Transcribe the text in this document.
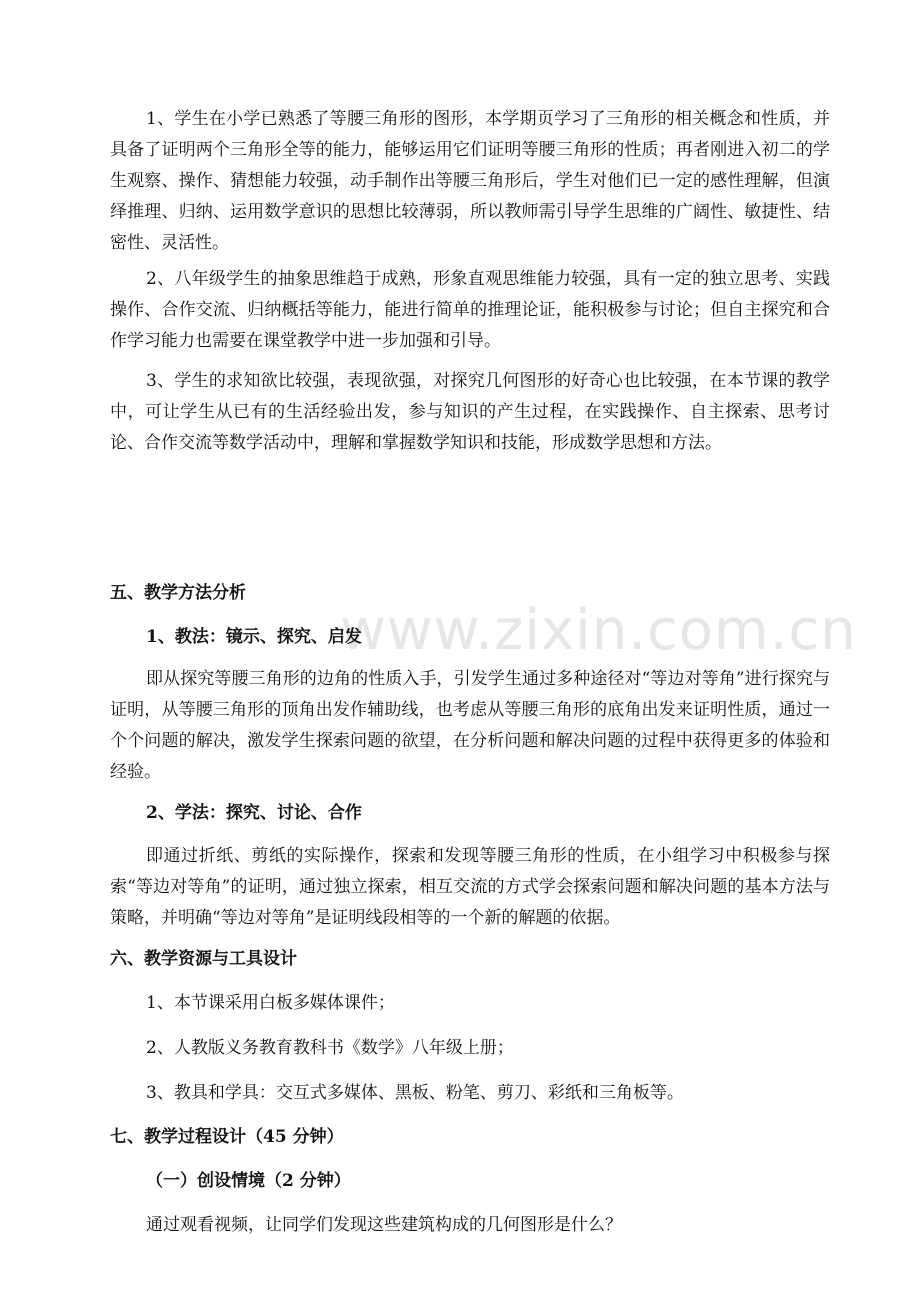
www.zixin.com.cn

1、学生在小学已熟悉了等腰三角形的图形，本学期页学习了三角形的相关概念和性质，并具备了证明两个三角形全等的能力，能够运用它们证明等腰三角形的性质；再者刚进入初二的学生观察、操作、猜想能力较强，动手制作出等腰三角形后，学生对他们已一定的感性理解，但演绎推理、归纳、运用数学意识的思想比较薄弱，所以教师需引导学生思维的广阔性、敏捷性、结密性、灵活性。

2、八年级学生的抽象思维趋于成熟，形象直观思维能力较强，具有一定的独立思考、实践操作、合作交流、归纳概括等能力，能进行简单的推理论证，能积极参与讨论；但自主探究和合作学习能力也需要在课堂教学中进一步加强和引导。

3、学生的求知欲比较强，表现欲强，对探究几何图形的好奇心也比较强，在本节课的教学中，可让学生从已有的生活经验出发，参与知识的产生过程，在实践操作、自主探索、思考讨论、合作交流等数学活动中，理解和掌握数学知识和技能，形成数学思想和方法。

五、教学方法分析
1、教法：镜示、探究、启发

即从探究等腰三角形的边角的性质入手，引发学生通过多种途径对“等边对等角”进行探究与证明，从等腰三角形的顶角出发作辅助线，也考虑从等腰三角形的底角出发来证明性质，通过一个个问题的解决，激发学生探索问题的欲望，在分析问题和解决问题的过程中获得更多的体验和经验。

2、学法：探究、讨论、合作

即通过折纸、剪纸的实际操作，探索和发现等腰三角形的性质，在小组学习中积极参与探索“等边对等角”的证明，通过独立探索，相互交流的方式学会探索问题和解决问题的基本方法与策略，并明确“等边对等角”是证明线段相等的一个新的解题的依据。

六、教学资源与工具设计

1、本节课采用白板多媒体课件；

2、人教版义务教育教科书《数学》八年级上册；

3、教具和学具：交互式多媒体、黑板、粉笔、剪刀、彩纸和三角板等。

七、教学过程设计（45 分钟）
（一）创设情境（2 分钟）

通过观看视频，让同学们发现这些建筑构成的几何图形是什么？
